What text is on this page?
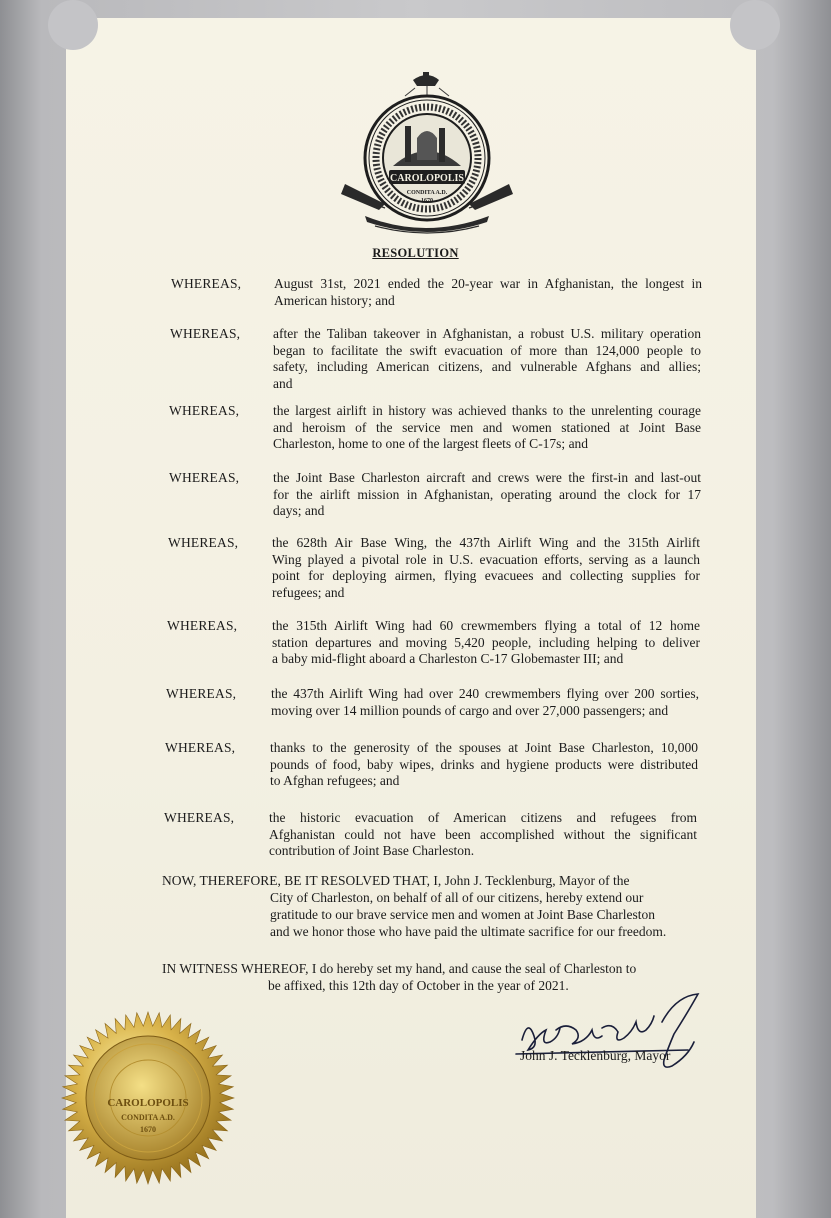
CAROLOPOLIS
CONDITA A.D.
1670
RESOLUTION
WHEREAS, August 31st, 2021 ended the 20-year war in Afghanistan, the longest in
American history; and
WHEREAS, after the Taliban takeover in Afghanistan, a robust U.S. military operation
began to facilitate the swift evacuation of more than 124,000 people to
safety, including American citizens, and vulnerable Afghans and allies;
and
WHEREAS,	the largest airlift in history was achieved thanks to the unrelenting courage
and heroism of the service men and women stationed at Joint Base
Charleston, home to one of the largest fleets of C-17s; and
WHEREAS,	the Joint Base Charleston aircraft and crews were the first-in and last-out
for the airlift mission in Afghanistan, operating around the clock for 17
days; and
WHEREAS,	the 628th Air Base Wing, the 437th Airlift Wing and the 315th Airlift
Wing played a pivotal role in U.S. evacuation efforts, serving as a launch
point for deploying airmen, flying evacuees and collecting supplies for
refugees; and
WHEREAS,	the 315th Airlift Wing had 60 crewmembers flying a total of 12 home
station departures and moving 5,420 people, including helping to deliver
a baby mid-flight aboard a Charleston C-17 Globemaster III; and
WHEREAS,	the 437th Airlift Wing had over 240 crewmembers flying over 200 sorties,
moving over 14 million pounds of cargo and over 27,000 passengers; and
WHEREAS,	thanks to the generosity of the spouses at Joint Base Charleston, 10,000
pounds of food, baby wipes, drinks and hygiene products were distributed
to Afghan refugees; and
WHEREAS,	the historic evacuation of American citizens and refugees from
Afghanistan could not have been accomplished without the significant
contribution of Joint Base Charleston.
NOW, THEREFORE, BE IT RESOLVED THAT, I, John J. Tecklenburg, Mayor of the
City of Charleston, on behalf of all of our citizens, hereby extend our
gratitude to our brave service men and women at Joint Base Charleston
and we honor those who have paid the ultimate sacrifice for our freedom.
IN WITNESS WHEREOF, I do hereby set my hand, and cause the seal of Charleston to
be affixed, this 12th day of October in the year of 2021.
John J. Tecklenburg, Mayor
CAROLOPOLIS
CONDITA A.D.
1670
